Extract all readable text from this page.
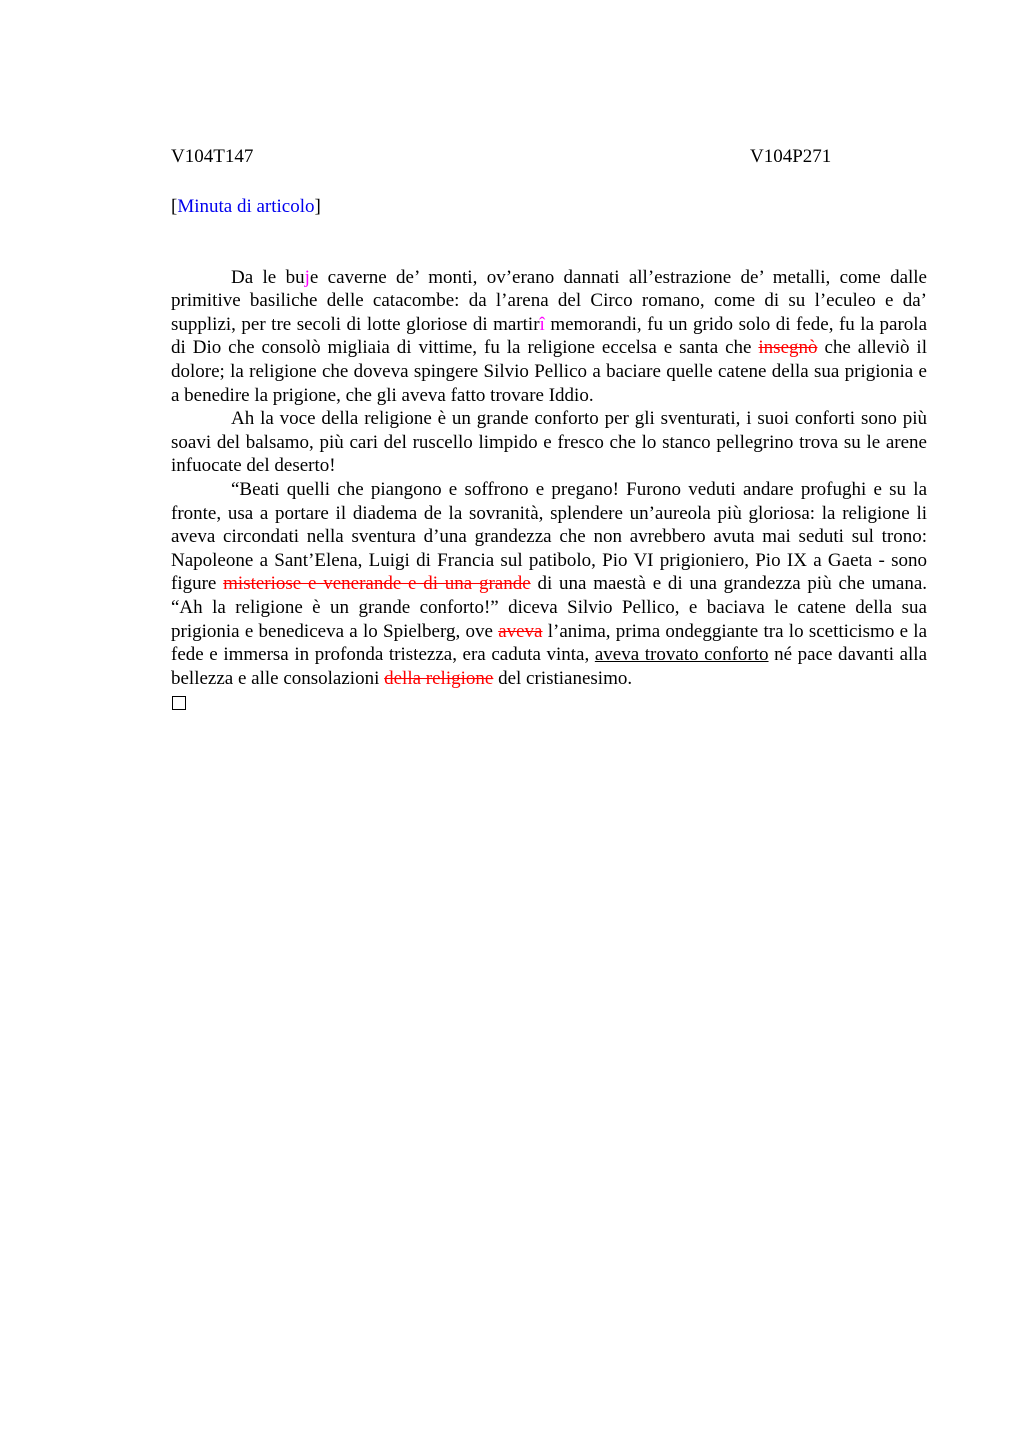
V104T147	V104P271
[Minuta di articolo]

Da le buje caverne de’ monti, ov’erano dannati all’estrazione de’ metalli, come dalle primitive basiliche delle catacombe: da l’arena del Circo romano, come di su l’eculeo e da’ supplizi, per tre secoli di lotte gloriose di martirî memorandi, fu un grido solo di fede, fu la parola di Dio che consolò migliaia di vittime, fu la religione eccelsa e santa che insegnò che alleviò il dolore; la religione che doveva spingere Silvio Pellico a baciare quelle catene della sua prigionia e a benedire la prigione, che gli aveva fatto trovare Iddio.

Ah la voce della religione è un grande conforto per gli sventurati, i suoi conforti sono più soavi del balsamo, più cari del ruscello limpido e fresco che lo stanco pellegrino trova su le arene infuocate del deserto!

“Beati quelli che piangono e soffrono e pregano! Furono veduti andare profughi e su la fronte, usa a portare il diadema de la sovranità, splendere un’aureola più gloriosa: la religione li aveva circondati nella sventura d’una grandezza che non avrebbero avuta mai seduti sul trono: Napoleone a Sant’Elena, Luigi di Francia sul patibolo, Pio VI prigioniero, Pio IX a Gaeta - sono figure misteriose e venerande e di una grande di una maestà e di una grandezza più che umana. “Ah la religione è un grande conforto!” diceva Silvio Pellico, e baciava le catene della sua prigionia e benediceva a lo Spielberg, ove aveva l’anima, prima ondeggiante tra lo scetticismo e la fede e immersa in profonda tristezza, era caduta vinta, aveva trovato conforto né pace davanti alla bellezza e alle consolazioni della religione del cristianesimo.
